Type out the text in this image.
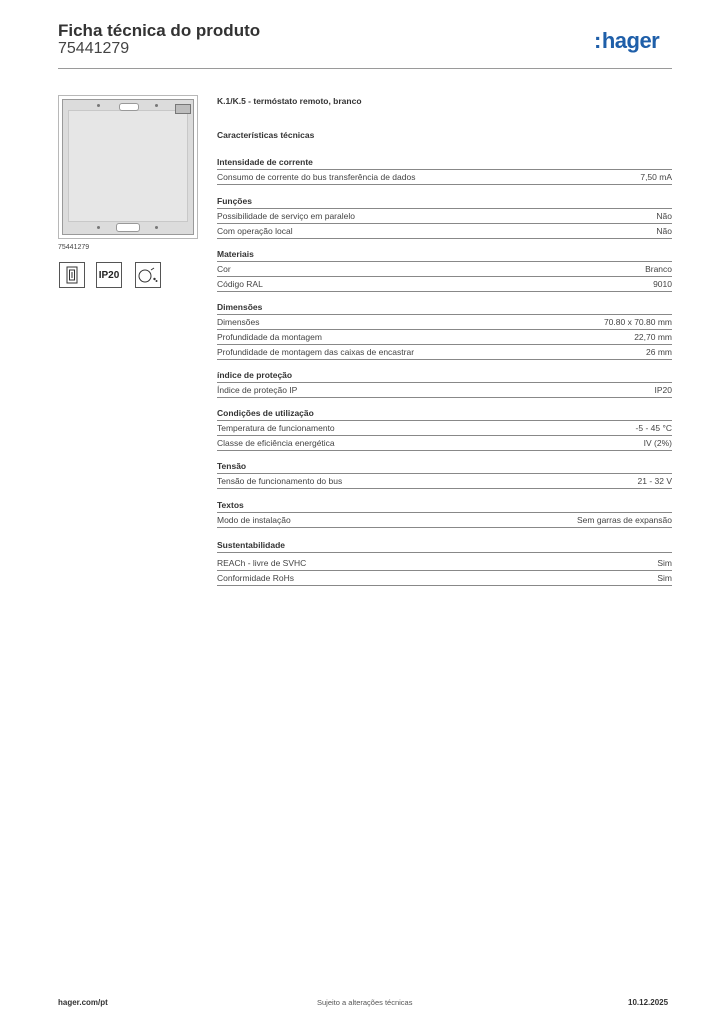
Ficha técnica do produto
75441279	:hager
75441279
IP20
K.1/K.5 - termóstato remoto, branco
Características técnicas
Intensidade de corrente
Consumo de corrente do bus transferência de dados	7,50 mA
Funções
Possibilidade de serviço em paralelo	Não
Com operação local	Não
Materiais
Cor	Branco
Código RAL	9010
Dimensões
Dimensões	70.80 x 70.80 mm
Profundidade da montagem	22,70 mm
Profundidade de montagem das caixas de encastrar	26 mm
índice de proteção
Índice de proteção IP	IP20
Condições de utilização
Temperatura de funcionamento	-5 - 45 °C
Classe de eficiência energética	IV (2%)
Tensão
Tensão de funcionamento do bus	21 - 32 V
Textos
Modo de instalação	Sem garras de expansão
Sustentabilidade
REACh - livre de SVHC	Sim
Conformidade RoHs	Sim
hager.com/pt	Sujeito a alterações técnicas	10.12.2025
